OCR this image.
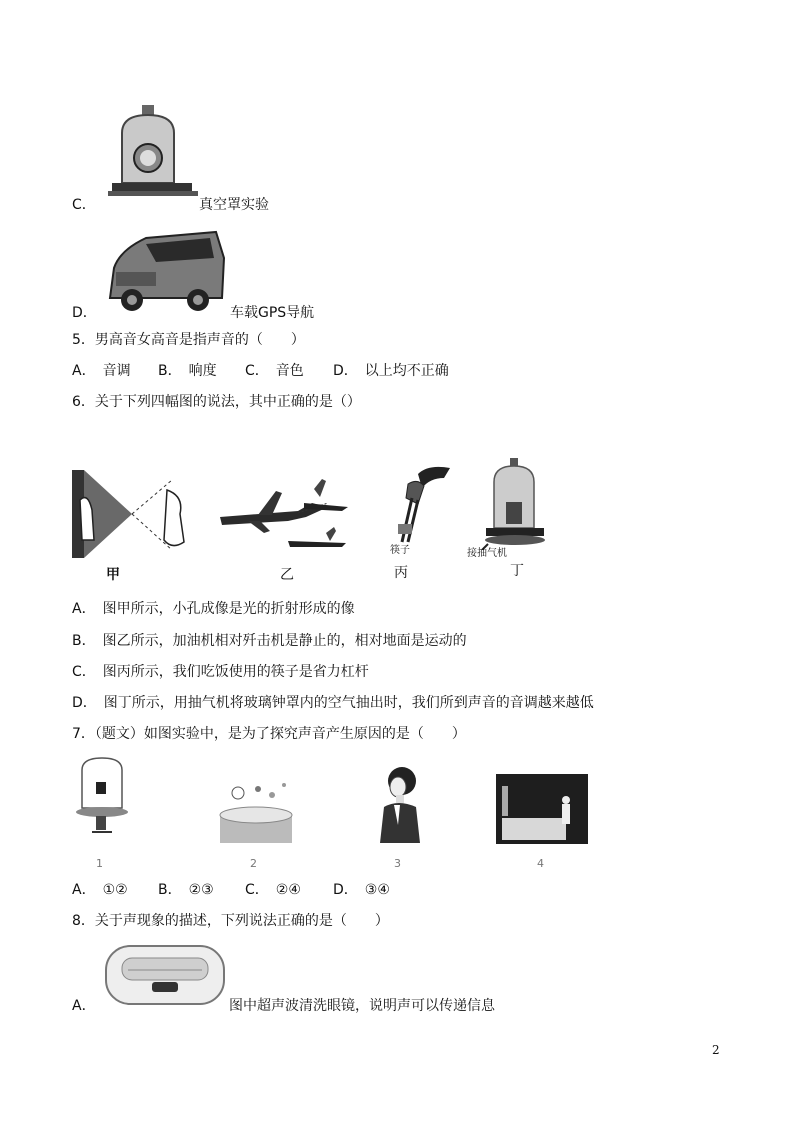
C．	真空罩实验
D．	车载GPS导航
5．男高音女高音是指声音的（　　）
A．　音调 B．　响度 C．　音色 D．　以上均不正确
6．关于下列四幅图的说法，其中正确的是（）
甲	乙
筷子
丙
接抽气机
丁
A．　图甲所示，小孔成像是光的折射形成的像
B．　图乙所示，加油机相对歼击机是静止的，相对地面是运动的
C．　图丙所示，我们吃饭使用的筷子是省力杠杆
D．　图丁所示，用抽气机将玻璃钟罩内的空气抽出时，我们所到声音的音调越来越低
7．（题文）如图实验中，是为了探究声音产生原因的是（　　）
1	2	3	4
A．　①② B．　②③ C．　②④ D．　③④
8．关于声现象的描述，下列说法正确的是（　　）
A．	图中超声波清洗眼镜，说明声可以传递信息
2
